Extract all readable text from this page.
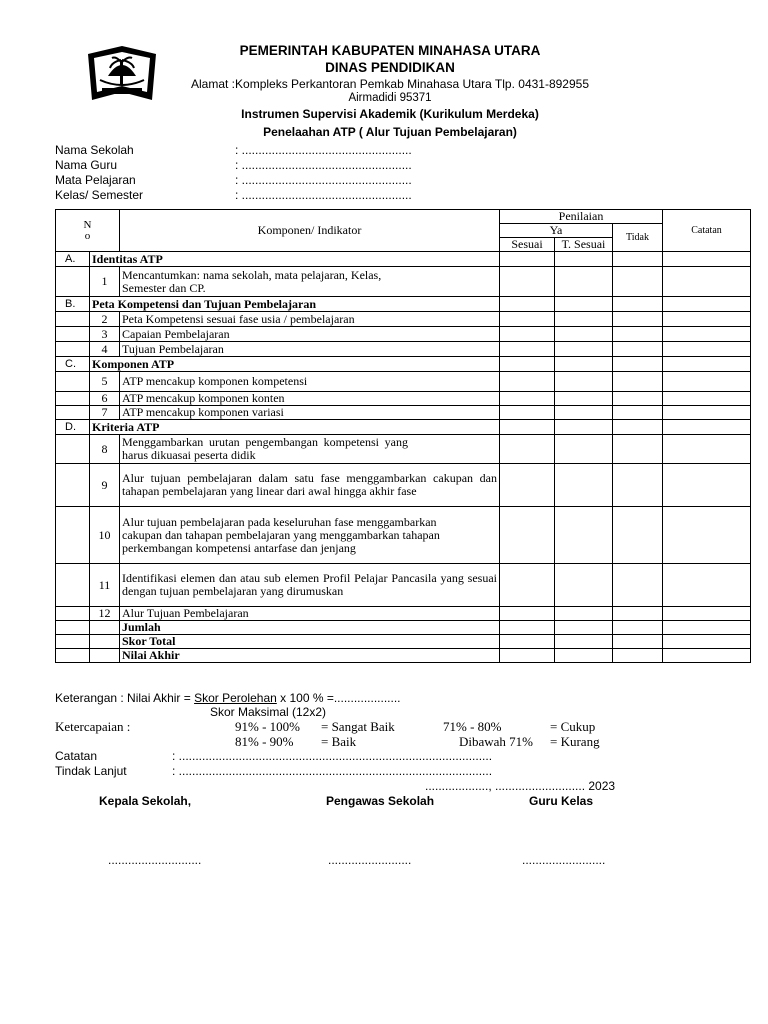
PEMERINTAH KABUPATEN MINAHASA UTARA
DINAS PENDIDIKAN
Alamat :Kompleks Perkantoran Pemkab Minahasa Utara Tlp. 0431-892955
Airmadidi 95371
Instrumen Supervisi Akademik (Kurikulum Merdeka)
Penelaahan ATP ( Alur Tujuan Pembelajaran)
Nama Sekolah	: ...................................................
Nama Guru	: ...................................................
Mata Pelajaran	: ...................................................
Kelas/ Semester	: ...................................................
N o		Komponen/ Indikator	Penilaian			Catatan
			Ya		Tidak	
			Sesuai	T. Sesuai		
A.	Identitas ATP					
	1	Mencantumkan: nama sekolah, mata pelajaran, Kelas, Semester dan CP.				
B.	Peta Kompetensi dan Tujuan Pembelajaran					
	2	Peta Kompetensi sesuai fase usia / pembelajaran				
	3	Capaian Pembelajaran				
	4	Tujuan Pembelajaran				
C.	Komponen ATP					
	5	ATP mencakup komponen kompetensi				
	6	ATP mencakup komponen konten				
	7	ATP mencakup komponen variasi				
D.	Kriteria ATP					
	8	Menggambarkan urutan pengembangan kompetensi yang harus dikuasai peserta didik				
	9	Alur tujuan pembelajaran dalam satu fase menggambarkan cakupan dan tahapan pembelajaran yang linear dari awal hingga akhir fase				
	10	Alur tujuan pembelajaran pada keseluruhan fase menggambarkan cakupan dan tahapan pembelajaran yang menggambarkan tahapan perkembangan kompetensi antarfase dan jenjang				
	11	Identifikasi elemen dan atau sub elemen Profil Pelajar Pancasila yang sesuai dengan tujuan pembelajaran yang dirumuskan				
	12	Alur Tujuan Pembelajaran				
		Jumlah				
		Skor Total				
		Nilai Akhir				
Keterangan : Nilai Akhir = Skor Perolehan x 100 % =....................
Skor Maksimal (12x2)
Ketercapaian :	91% - 100% = Sangat Baik	71% - 80%	= Cukup
81% - 90% = Baik	Dibawah 71% = Kurang
Catatan	: ..............................................................................................
Tindak Lanjut	: ..............................................................................................
..................., ........................... 2023
Kepala Sekolah,	Pengawas Sekolah	Guru Kelas
............................	.........................	.........................
